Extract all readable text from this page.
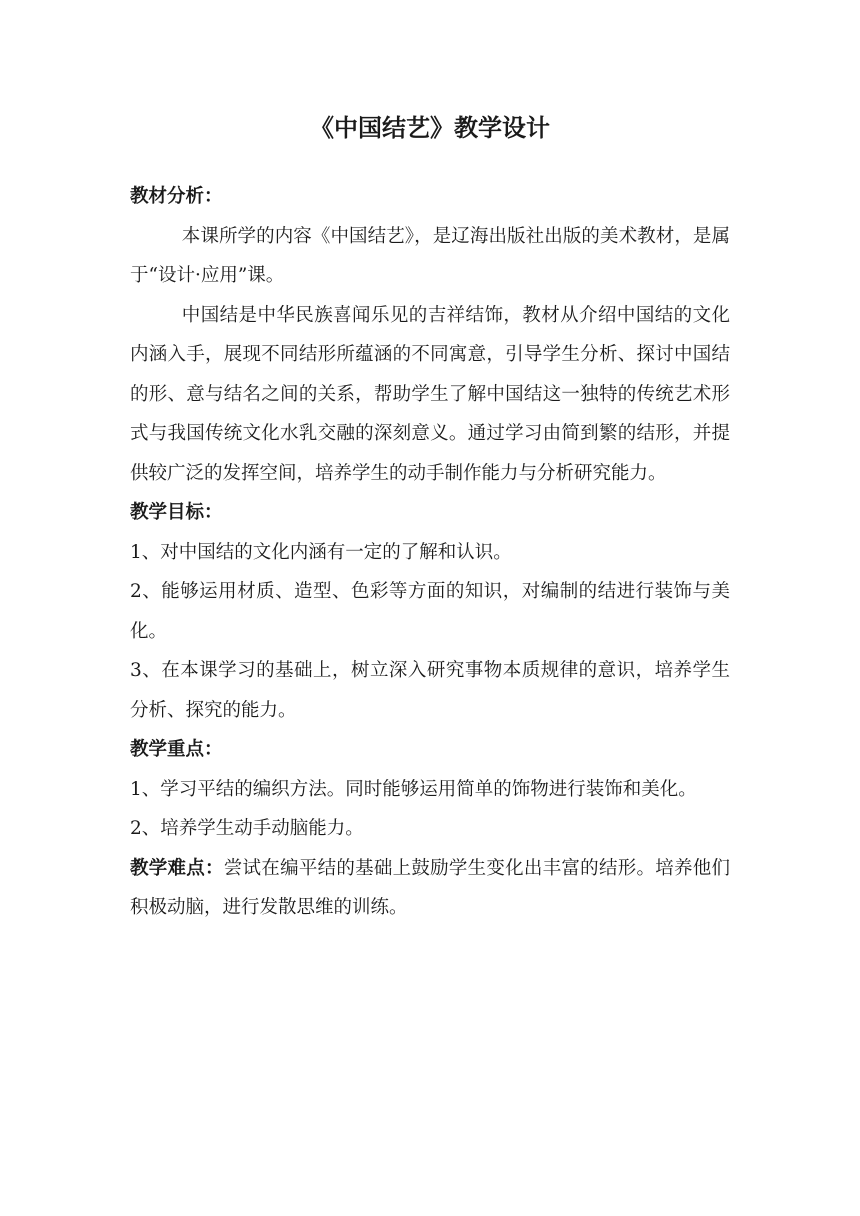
《中国结艺》教学设计

教材分析：

本课所学的内容《中国结艺》，是辽海出版社出版的美术教材，是属于“设计·应用”课。

中国结是中华民族喜闻乐见的吉祥结饰，教材从介绍中国结的文化内涵入手，展现不同结形所蕴涵的不同寓意，引导学生分析、探讨中国结的形、意与结名之间的关系，帮助学生了解中国结这一独特的传统艺术形式与我国传统文化水乳交融的深刻意义。通过学习由简到繁的结形，并提供较广泛的发挥空间，培养学生的动手制作能力与分析研究能力。

教学目标：

1、对中国结的文化内涵有一定的了解和认识。

2、能够运用材质、造型、色彩等方面的知识，对编制的结进行装饰与美化。

3、在本课学习的基础上，树立深入研究事物本质规律的意识，培养学生分析、探究的能力。

教学重点：

1、学习平结的编织方法。同时能够运用简单的饰物进行装饰和美化。

2、培养学生动手动脑能力。

教学难点：尝试在编平结的基础上鼓励学生变化出丰富的结形。培养他们积极动脑，进行发散思维的训练。
